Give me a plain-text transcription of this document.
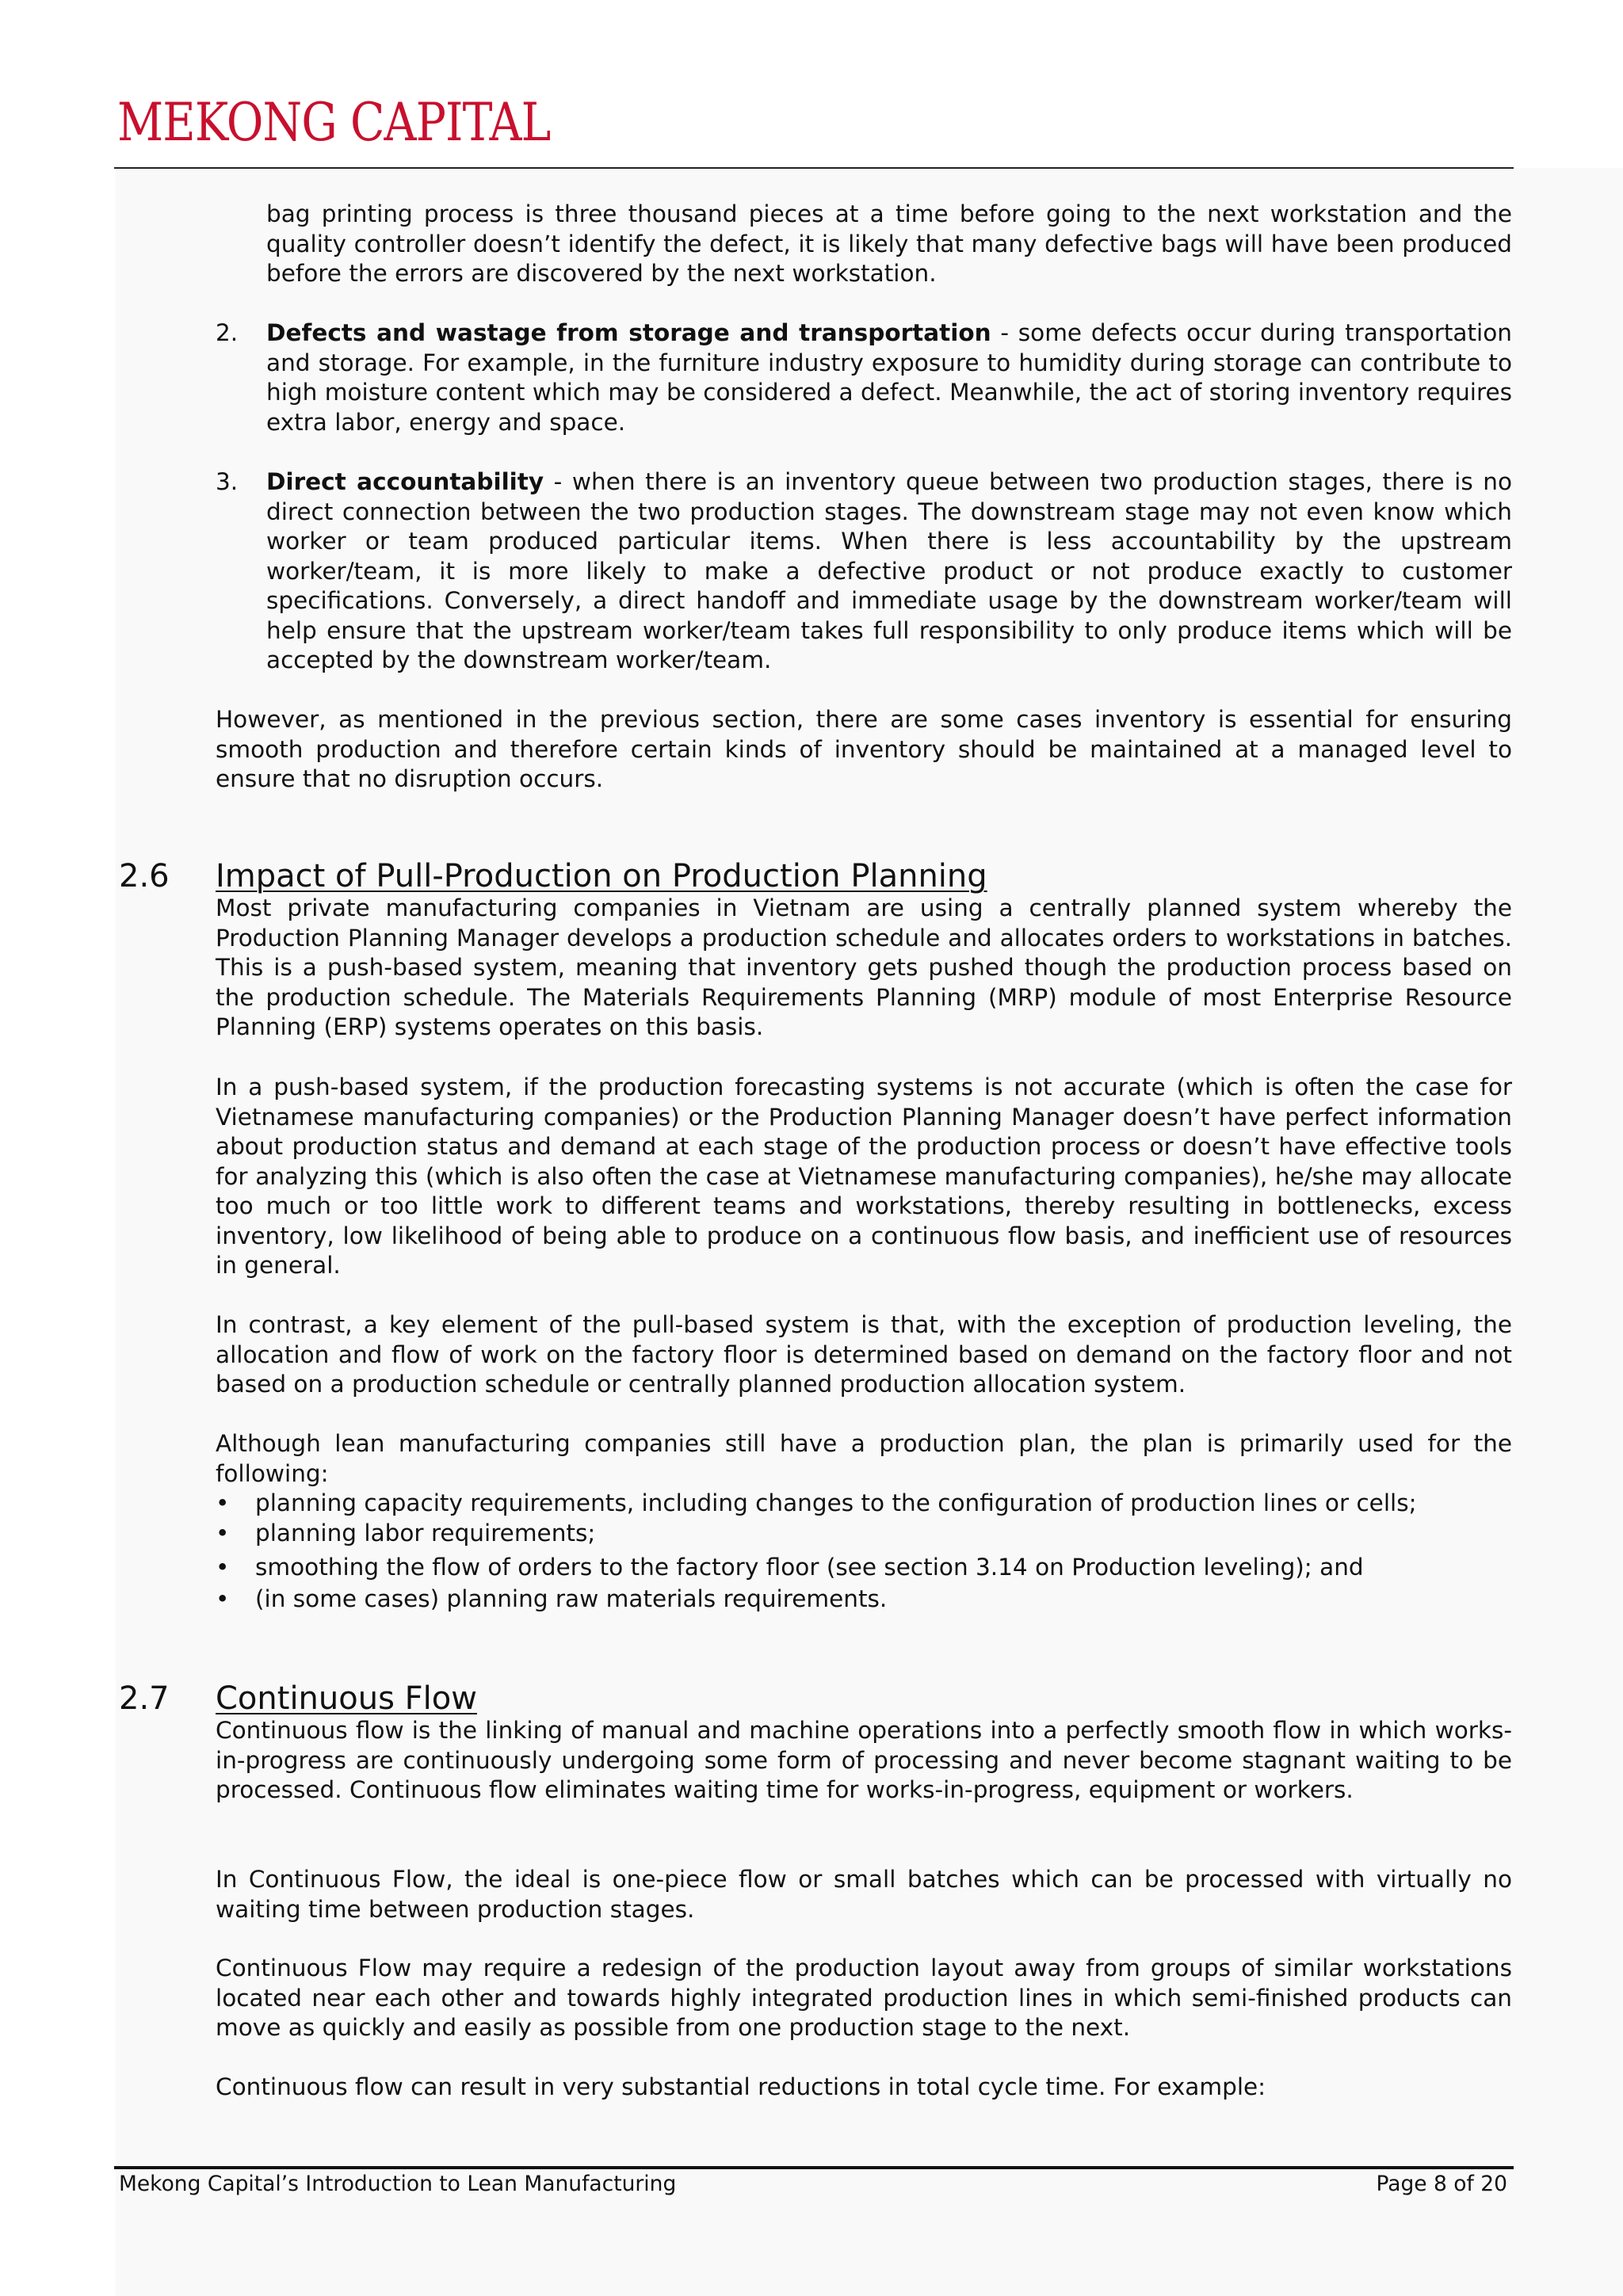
MEKONG CAPITAL

bag printing process is three thousand pieces at a time before going to the next workstation and the quality controller doesn’t identify the defect, it is likely that many defective bags will have been produced before the errors are discovered by the next workstation.

2. Defects and wastage from storage and transportation - some defects occur during transportation and storage. For example, in the furniture industry exposure to humidity during storage can contribute to high moisture content which may be considered a defect. Meanwhile, the act of storing inventory requires extra labor, energy and space.

3. Direct accountability - when there is an inventory queue between two production stages, there is no direct connection between the two production stages. The downstream stage may not even know which worker or team produced particular items. When there is less accountability by the upstream worker/team, it is more likely to make a defective product or not produce exactly to customer specifications. Conversely, a direct handoff and immediate usage by the downstream worker/team will help ensure that the upstream worker/team takes full responsibility to only produce items which will be accepted by the downstream worker/team.

However, as mentioned in the previous section, there are some cases inventory is essential for ensuring smooth production and therefore certain kinds of inventory should be maintained at a managed level to ensure that no disruption occurs.

2.6 Impact of Pull-Production on Production Planning

Most private manufacturing companies in Vietnam are using a centrally planned system whereby the Production Planning Manager develops a production schedule and allocates orders to workstations in batches. This is a push-based system, meaning that inventory gets pushed though the production process based on the production schedule. The Materials Requirements Planning (MRP) module of most Enterprise Resource Planning (ERP) systems operates on this basis.

In a push-based system, if the production forecasting systems is not accurate (which is often the case for Vietnamese manufacturing companies) or the Production Planning Manager doesn’t have perfect information about production status and demand at each stage of the production process or doesn’t have effective tools for analyzing this (which is also often the case at Vietnamese manufacturing companies), he/she may allocate too much or too little work to different teams and workstations, thereby resulting in bottlenecks, excess inventory, low likelihood of being able to produce on a continuous flow basis, and inefficient use of resources in general.

In contrast, a key element of the pull-based system is that, with the exception of production leveling, the allocation and flow of work on the factory floor is determined based on demand on the factory floor and not based on a production schedule or centrally planned production allocation system.

Although lean manufacturing companies still have a production plan, the plan is primarily used for the following:

• planning capacity requirements, including changes to the configuration of production lines or cells;
• planning labor requirements;
• smoothing the flow of orders to the factory floor (see section 3.14 on Production leveling); and
• (in some cases) planning raw materials requirements.
2.7 Continuous Flow

Continuous flow is the linking of manual and machine operations into a perfectly smooth flow in which works-in-progress are continuously undergoing some form of processing and never become stagnant waiting to be processed. Continuous flow eliminates waiting time for works-in-progress, equipment or workers.

In Continuous Flow, the ideal is one-piece flow or small batches which can be processed with virtually no waiting time between production stages.

Continuous Flow may require a redesign of the production layout away from groups of similar workstations located near each other and towards highly integrated production lines in which semi-finished products can move as quickly and easily as possible from one production stage to the next.

Continuous flow can result in very substantial reductions in total cycle time. For example:

Mekong Capital’s Introduction to Lean Manufacturing	Page 8 of 20
